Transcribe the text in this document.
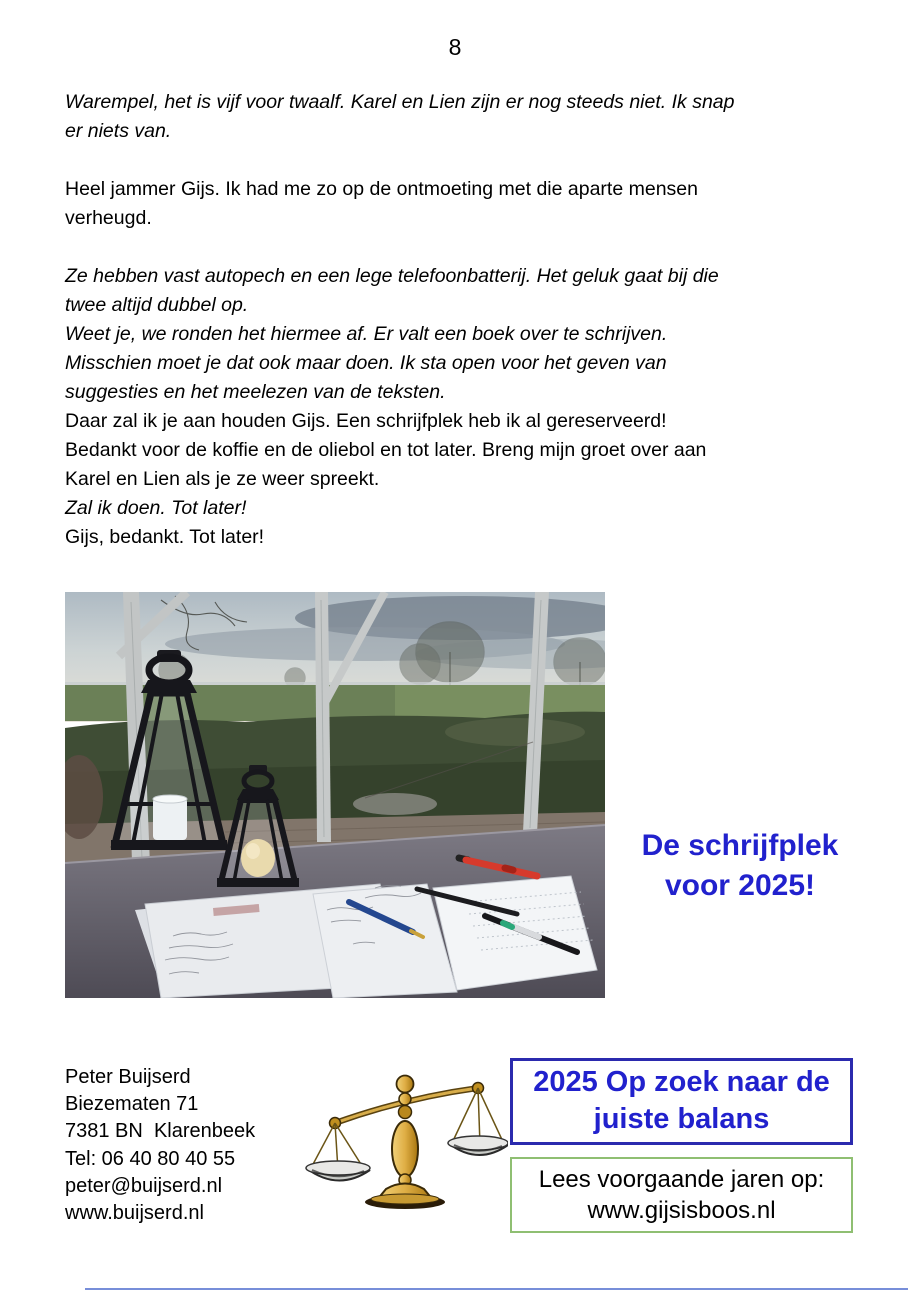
8
Warempel, het is vijf voor twaalf. Karel en Lien zijn er nog steeds niet. Ik snap
er niets van.
Heel jammer Gijs. Ik had me zo op de ontmoeting met die aparte mensen
verheugd.
Ze hebben vast autopech en een lege telefoonbatterij. Het geluk gaat bij die
twee altijd dubbel op.
Weet je, we ronden het hiermee af. Er valt een boek over te schrijven.
Misschien moet je dat ook maar doen. Ik sta open voor het geven van
suggesties en het meelezen van de teksten.
Daar zal ik je aan houden Gijs. Een schrijfplek heb ik al gereserveerd!
Bedankt voor de koffie en de oliebol en tot later. Breng mijn groet over aan
Karel en Lien als je ze weer spreekt.
Zal ik doen. Tot later!
Gijs, bedankt. Tot later!
De schrijfplek
voor 2025!
Peter Buijserd
Biezematen 71
7381 BN  Klarenbeek
Tel: 06 40 80 40 55
peter@buijserd.nl
www.buijserd.nl
2025 Op zoek naar de
juiste balans
Lees voorgaande jaren op:
www.gijsisboos.nl
